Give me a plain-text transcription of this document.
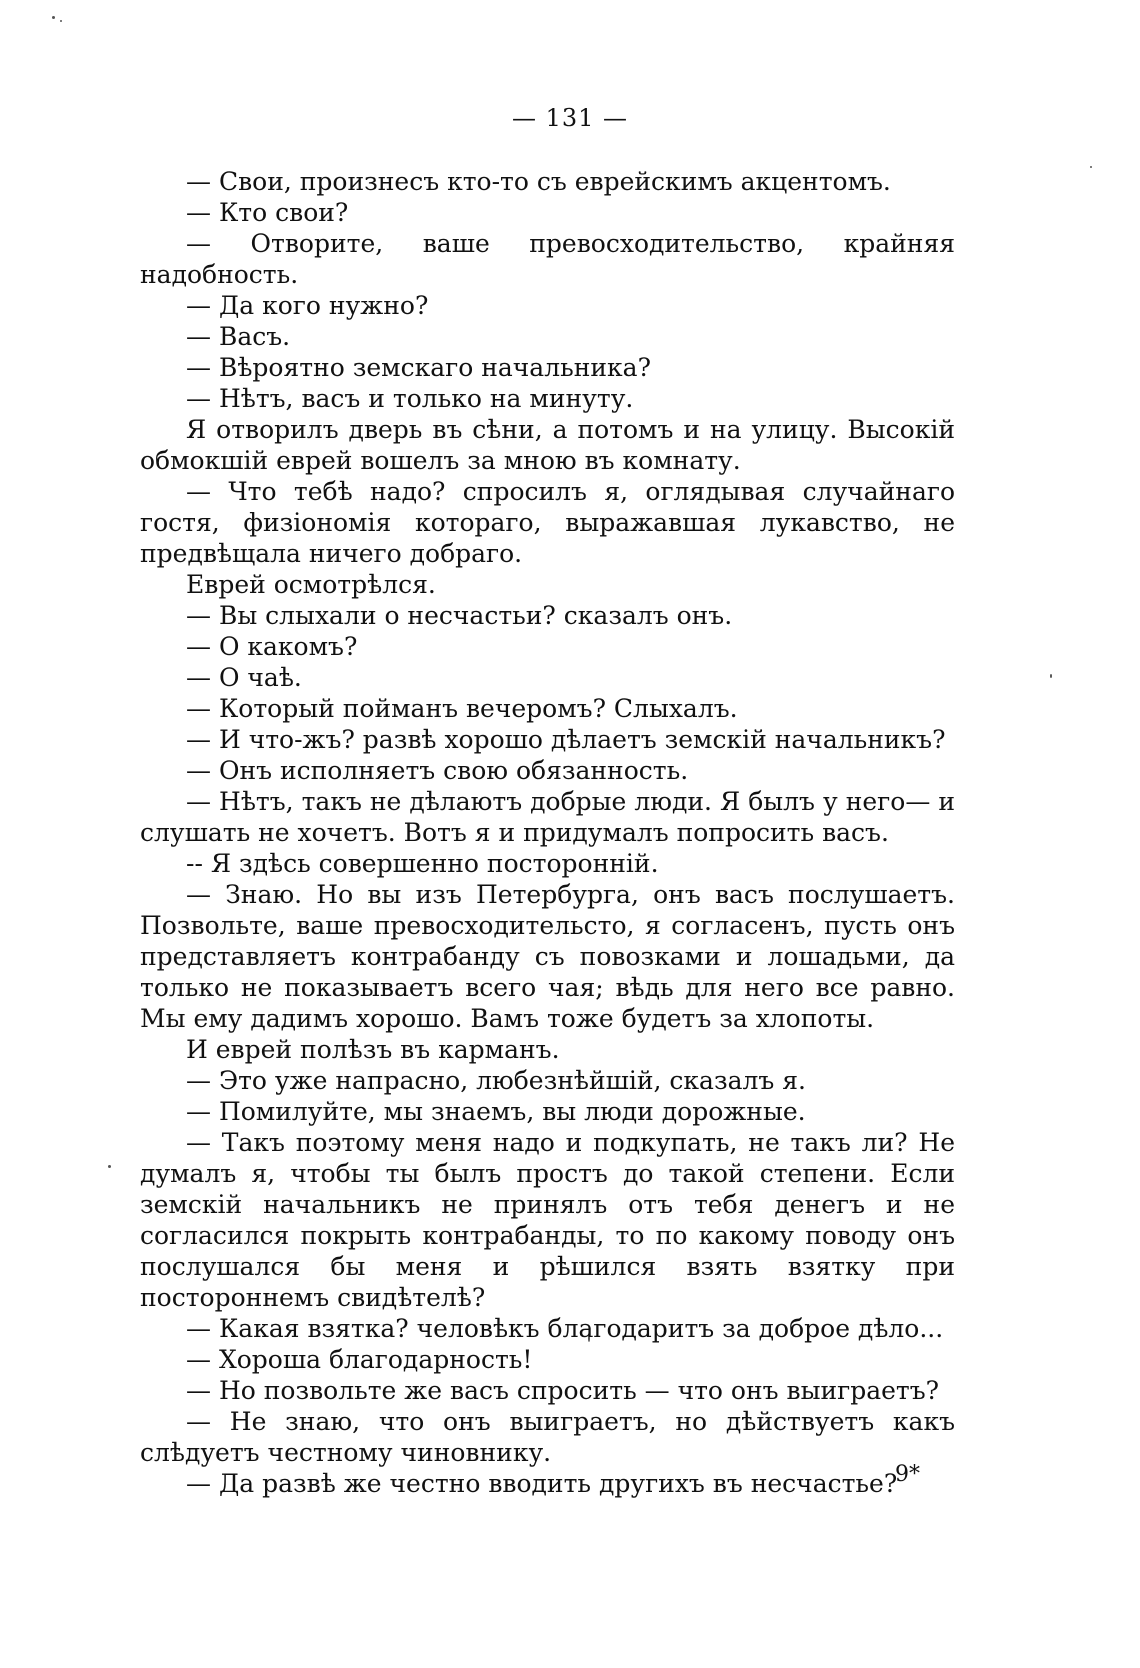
— 131 —

— Свои, произнесъ кто-то съ еврейскимъ акцентомъ.

— Кто свои?

— Отворите, ваше превосходительство, крайняя надобность.

— Да кого нужно?

— Васъ.

— Вѣроятно земскаго начальника?

— Нѣтъ, васъ и только на минуту.

Я отворилъ дверь въ сѣни, а потомъ и на улицу. Высокій обмокшій еврей вошелъ за мною въ комнату.

— Что тебѣ надо? спросилъ я, оглядывая случайнаго гостя, физіономія котораго, выражавшая лукавство, не предвѣщала ничего добраго.

Еврей осмотрѣлся.

— Вы слыхали о несчастьи? сказалъ онъ.

— О какомъ?

— О чаѣ.

— Который пойманъ вечеромъ? Слыхалъ.

— И что-жъ? развѣ хорошо дѣлаетъ земскій начальникъ?

— Онъ исполняетъ свою обязанность.

— Нѣтъ, такъ не дѣлаютъ добрые люди. Я былъ у него— и слушать не хочетъ. Вотъ я и придумалъ попросить васъ.

-- Я здѣсь совершенно посторонній.

— Знаю. Но вы изъ Петербурга, онъ васъ послушаетъ. Позвольте, ваше превосходительсто, я согласенъ, пусть онъ представляетъ контрабанду съ повозками и лошадьми, да только не показываетъ всего чая; вѣдь для него все равно. Мы ему дадимъ хорошо. Вамъ тоже будетъ за хлопоты.

И еврей полѣзъ въ карманъ.

— Это уже напрасно, любезнѣйшій, сказалъ я.

— Помилуйте, мы знаемъ, вы люди дорожные.

— Такъ поэтому меня надо и подкупать, не такъ ли? Не думалъ я, чтобы ты былъ простъ до такой степени. Если земскій начальникъ не принялъ отъ тебя денегъ и не согласился покрыть контрабанды, то по какому поводу онъ послушался бы меня и рѣшился взять взятку при постороннемъ свидѣтелѣ?

— Какая взятка? человѣкъ благодаритъ за доброе дѣло...

— Хороша благодарность!

— Но позвольте же васъ спросить — что онъ выиграетъ?

— Не знаю, что онъ выиграетъ, но дѣйствуетъ какъ слѣдуетъ честному чиновнику.

— Да развѣ же честно вводить другихъ въ несчастье?

9*
